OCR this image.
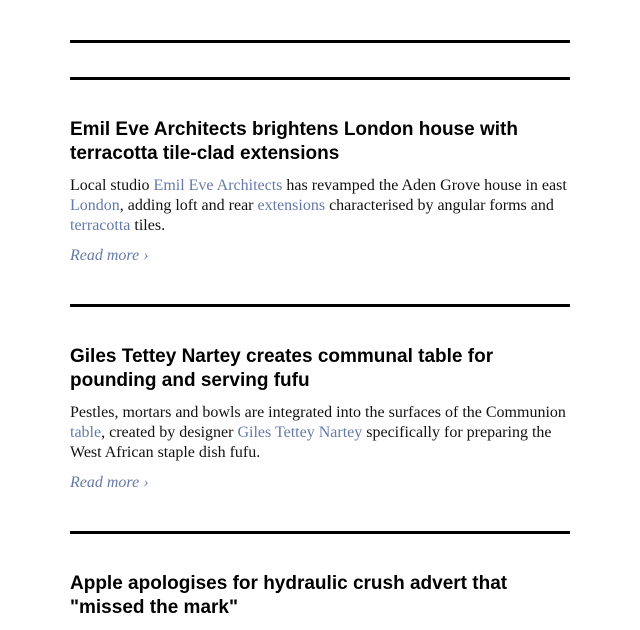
Emil Eve Architects brightens London house with terracotta tile-clad extensions

Local studio Emil Eve Architects has revamped the Aden Grove house in east London, adding loft and rear extensions characterised by angular forms and terracotta tiles.

Read more ›
Giles Tettey Nartey creates communal table for pounding and serving fufu

Pestles, mortars and bowls are integrated into the surfaces of the Communion table, created by designer Giles Tettey Nartey specifically for preparing the West African staple dish fufu.

Read more ›
Apple apologises for hydraulic crush advert that "missed the mark"
